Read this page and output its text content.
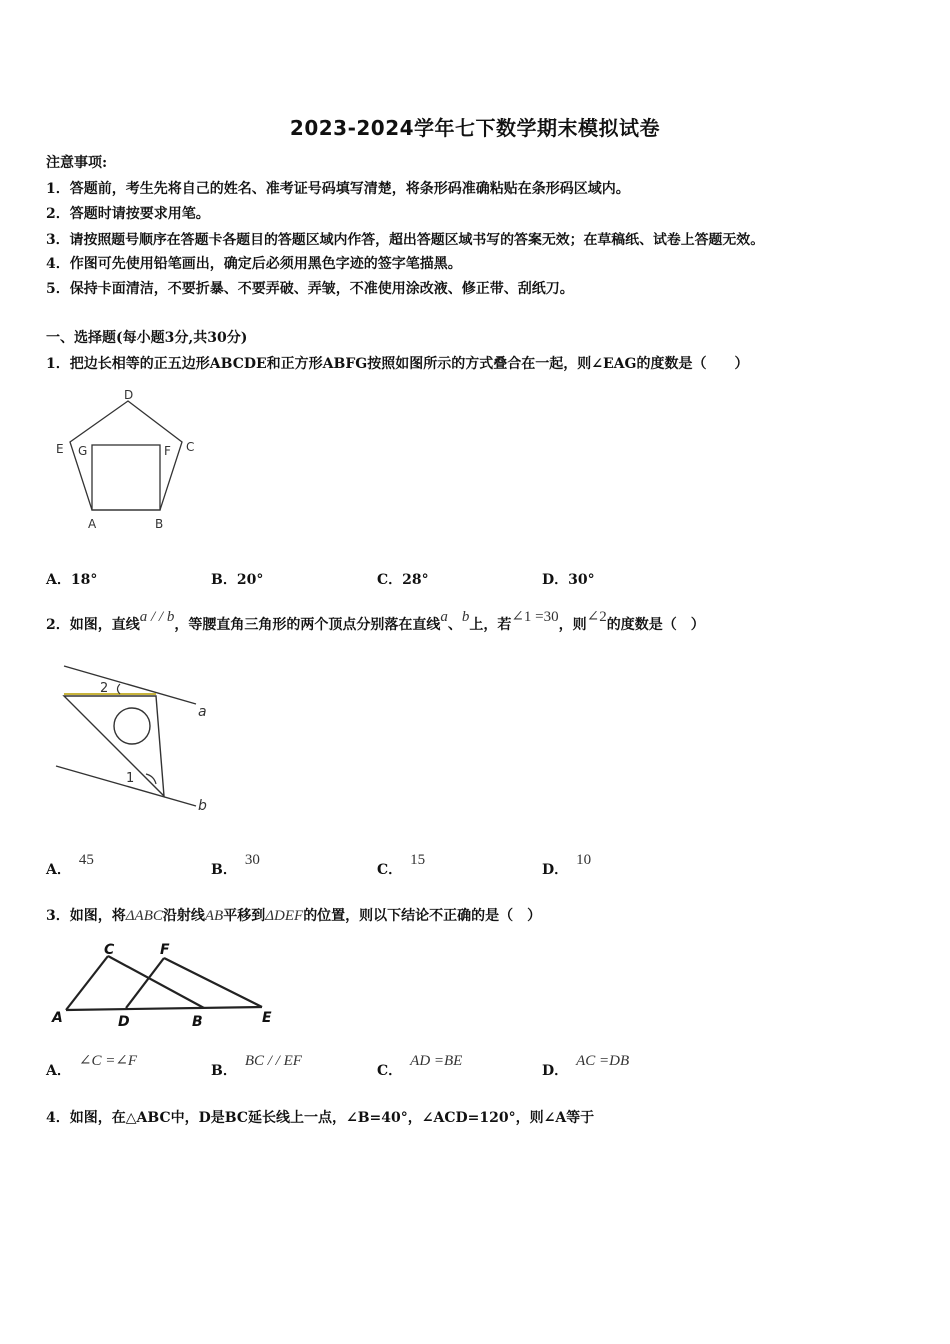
2023-2024学年七下数学期末模拟试卷
注意事项:
1．答题前，考生先将自己的姓名、准考证号码填写清楚，将条形码准确粘贴在条形码区域内。
2．答题时请按要求用笔。
3．请按照题号顺序在答题卡各题目的答题区域内作答，超出答题区域书写的答案无效；在草稿纸、试卷上答题无效。
4．作图可先使用铅笔画出，确定后必须用黑色字迹的签字笔描黑。
5．保持卡面清洁，不要折暴、不要弄破、弄皱，不准使用涂改液、修正带、刮纸刀。
一、选择题(每小题3分,共30分)
1．把边长相等的正五边形ABCDE和正方形ABFG按照如图所示的方式叠合在一起，则∠EAG的度数是（　　）
D
E G	F C
A	B
A．18°	B．20°	C．28°	D．30°
2．如图，直线a / / b，等腰直角三角形的两个顶点分别落在直线a、b上，若∠1 =30，则∠2的度数是（　）
2
1
a
b
A．45
B．30
C．15
D．10
3．如图，将ΔABC沿射线AB平移到ΔDEF的位置，则以下结论不正确的是（　）
C	F
A	D	B	E
A．∠C =∠F
B．BC / / EF
C．AD =BE
D．AC =DB
4．如图，在△ABC中，D是BC延长线上一点，∠B=40°，∠ACD=120°，则∠A等于
